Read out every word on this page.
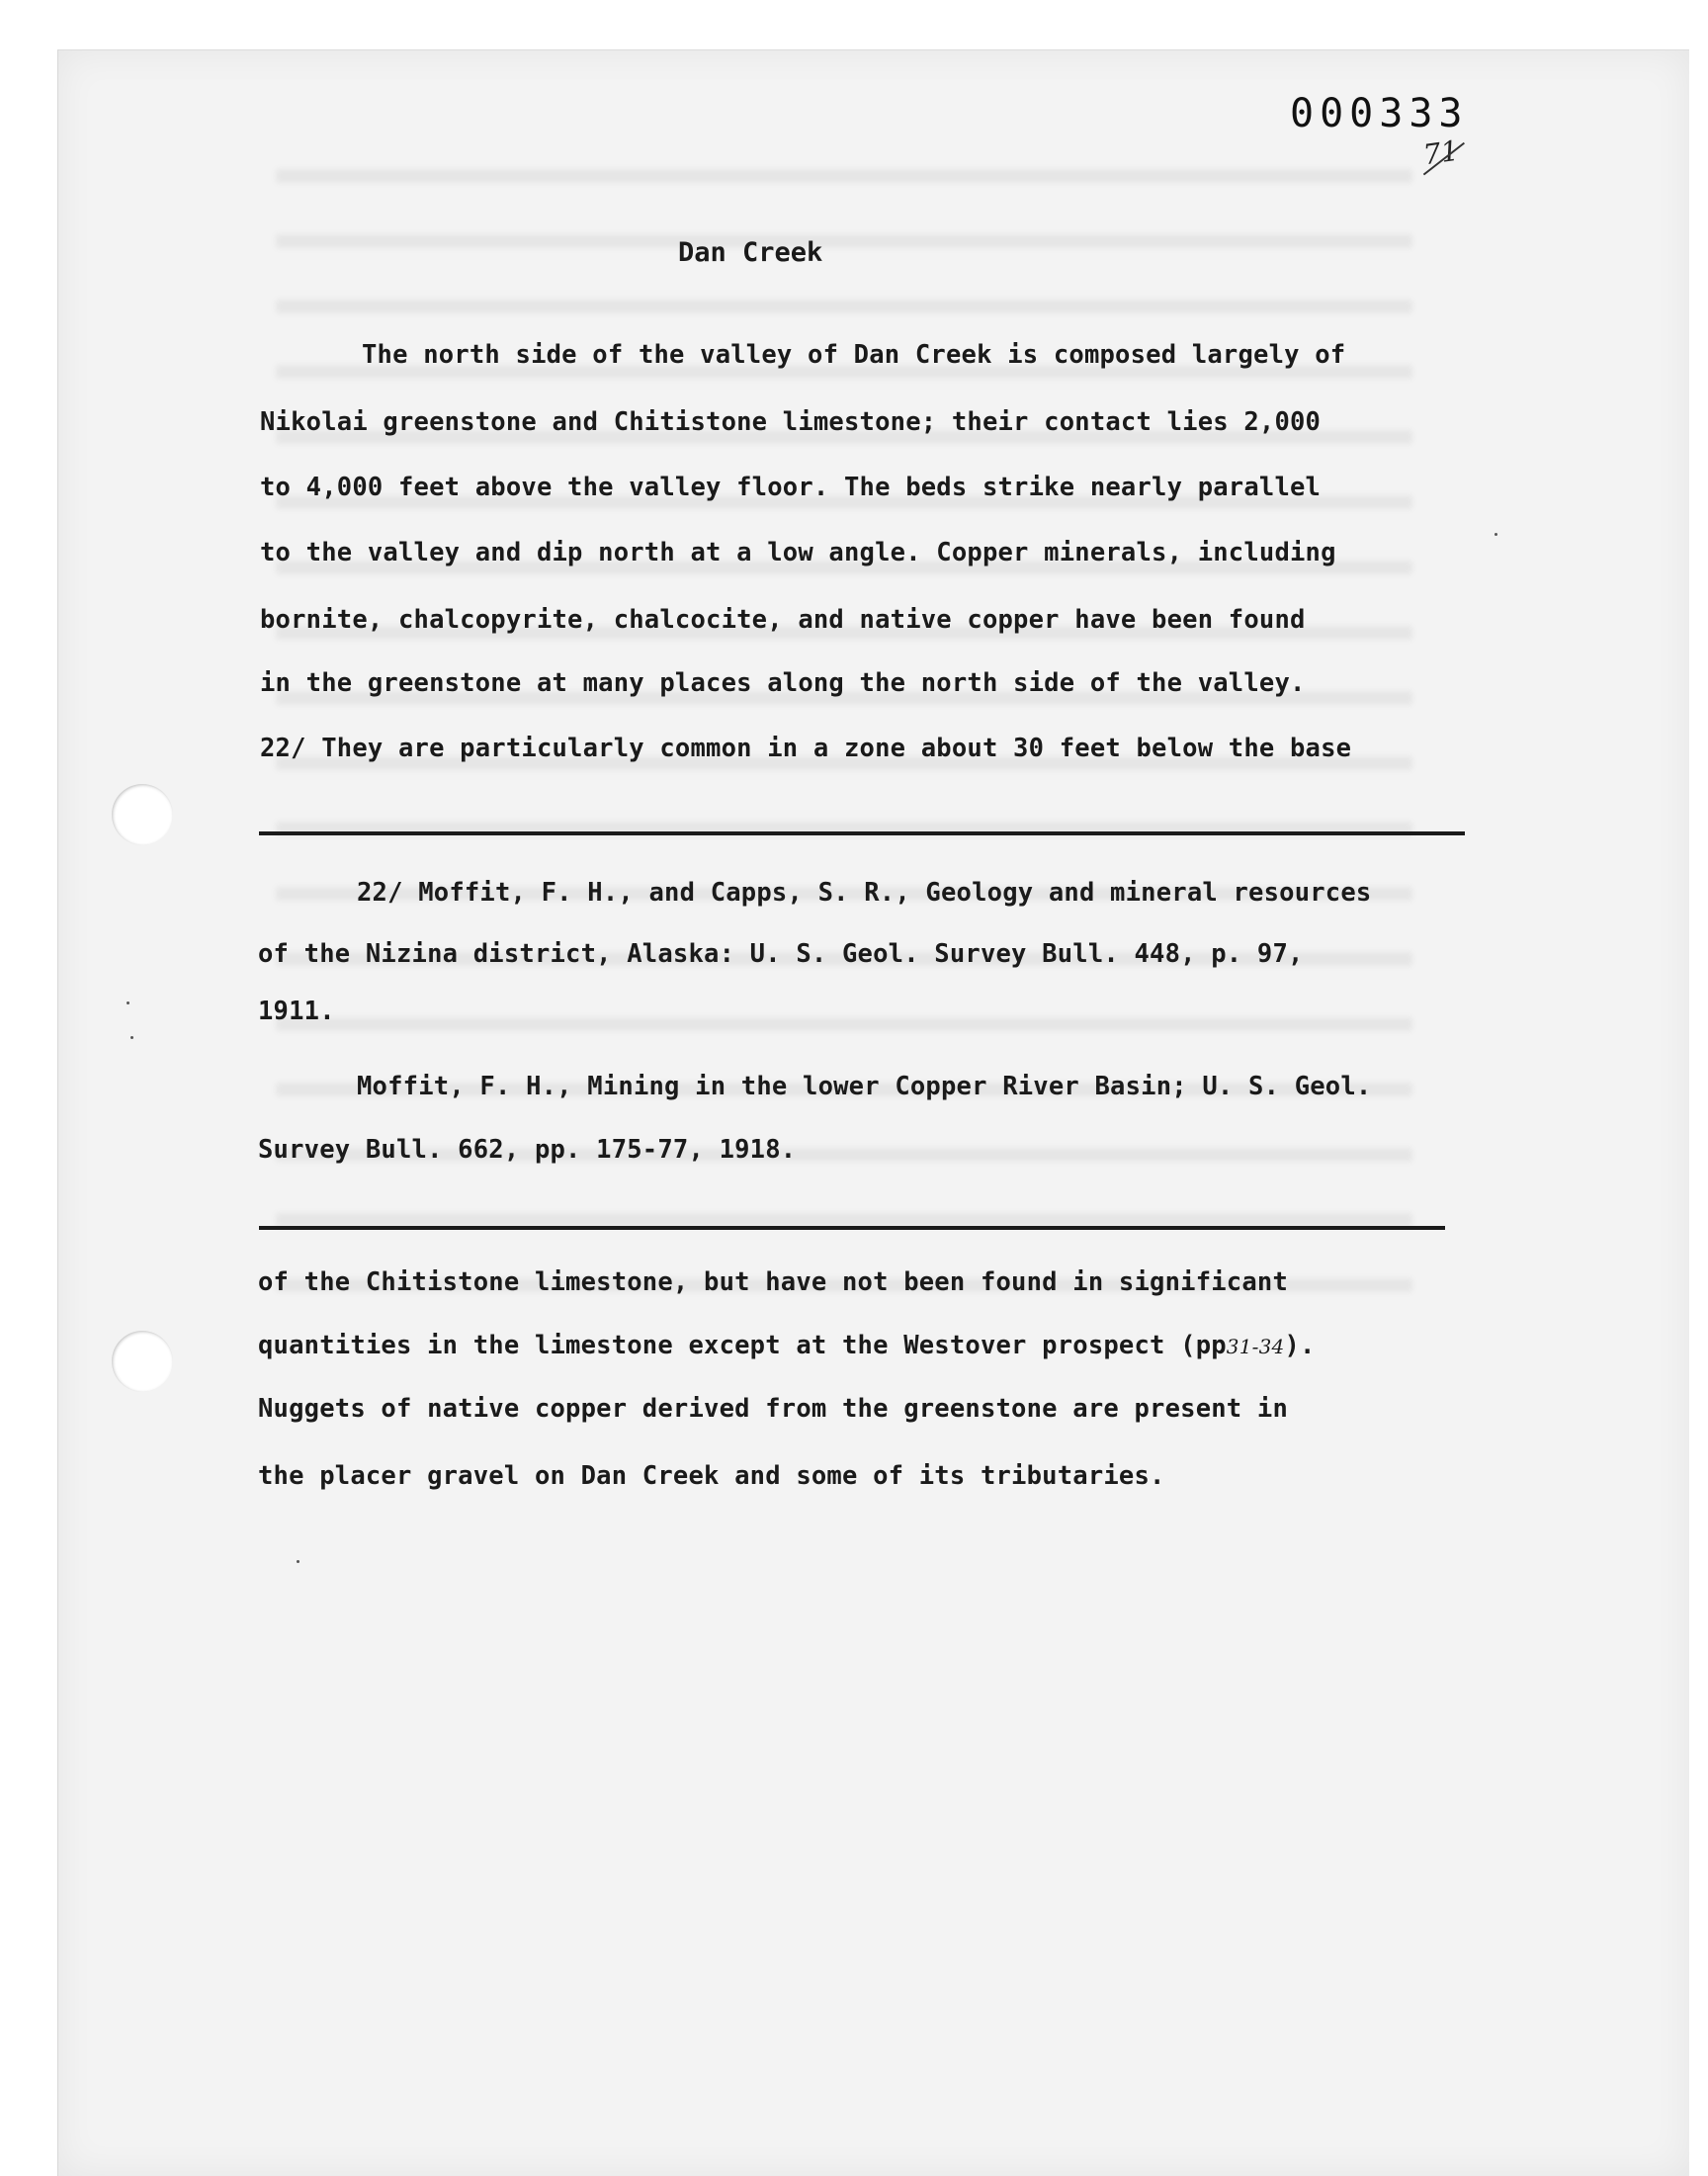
000333
71
Dan Creek
The north side of the valley of Dan Creek is composed largely of
Nikolai greenstone and Chitistone limestone; their contact lies 2,000
to 4,000 feet above the valley floor. The beds strike nearly parallel
to the valley and dip north at a low angle. Copper minerals, including
bornite, chalcopyrite, chalcocite, and native copper have been found
in the greenstone at many places along the north side of the valley.
22/ They are particularly common in a zone about 30 feet below the base
22/ Moffit, F. H., and Capps, S. R., Geology and mineral resources
of the Nizina district, Alaska: U. S. Geol. Survey Bull. 448, p. 97,
1911.
Moffit, F. H., Mining in the lower Copper River Basin; U. S. Geol.
Survey Bull. 662, pp. 175-77, 1918.
of the Chitistone limestone, but have not been found in significant
quantities in the limestone except at the Westover prospect (pp31-34).
Nuggets of native copper derived from the greenstone are present in
the placer gravel on Dan Creek and some of its tributaries.
